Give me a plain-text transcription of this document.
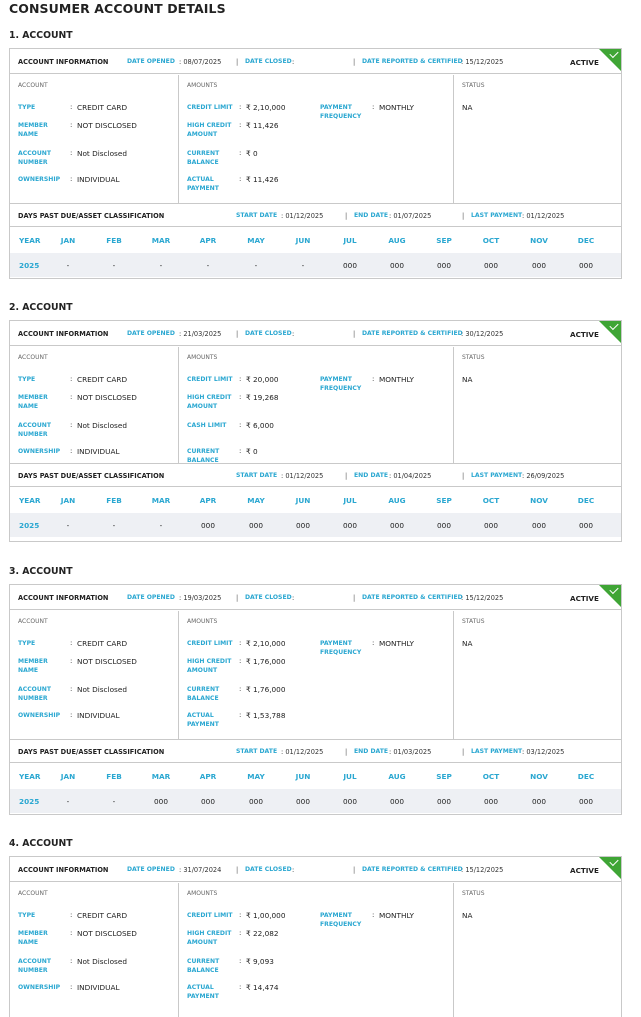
CONSUMER ACCOUNT DETAILS
1. ACCOUNT
ACCOUNT INFORMATION	DATE OPENED : 08/07/2025 | DATE CLOSED :	| DATE REPORTED & CERTIFIED
: 15/12/2025	ACTIVE
ACCOUNT	AMOUNTS	STATUS
TYPE	: CREDIT CARD
MEMBER NAME
: NOT DISCLOSED
ACCOUNT NUMBER
: Not Disclosed
OWNERSHIP	: INDIVIDUAL
CREDIT LIMIT : ₹ 2,10,000
HIGH CREDIT AMOUNT
: ₹ 11,426
CURRENT BALANCE
: ₹ 0
ACTUAL PAYMENT
: ₹ 11,426
PAYMENT FREQUENCY
: MONTHLY	NA
DAYS PAST DUE/ASSET CLASSIFICATION	START DATE : 01/12/2025	| END DATE : 01/07/2025	| LAST PAYMENT : 01/12/2025
YEAR	JAN	FEB	MAR	APR	MAY	JUN	JUL	AUG	SEP	OCT	NOV	DEC
2025	-	-	-	-	-	-	000	000	000	000	000	000
2. ACCOUNT
ACCOUNT INFORMATION	DATE OPENED : 21/03/2025 | DATE CLOSED :	| DATE REPORTED & CERTIFIED
: 30/12/2025	ACTIVE
ACCOUNT	AMOUNTS	STATUS
TYPE	: CREDIT CARD
MEMBER NAME
: NOT DISCLOSED
ACCOUNT NUMBER
: Not Disclosed
OWNERSHIP	: INDIVIDUAL
CREDIT LIMIT : ₹ 20,000
HIGH CREDIT AMOUNT
: ₹ 19,268
CASH LIMIT	: ₹ 6,000
CURRENT BALANCE
: ₹ 0
PAYMENT FREQUENCY
: MONTHLY	NA
DAYS PAST DUE/ASSET CLASSIFICATION	START DATE : 01/12/2025	| END DATE : 01/04/2025	| LAST PAYMENT : 26/09/2025
YEAR	JAN	FEB	MAR	APR	MAY	JUN	JUL	AUG	SEP	OCT	NOV	DEC
2025	-	-	-	000	000	000	000	000	000	000	000	000
3. ACCOUNT
ACCOUNT INFORMATION	DATE OPENED : 19/03/2025 | DATE CLOSED :	| DATE REPORTED & CERTIFIED
: 15/12/2025	ACTIVE
ACCOUNT	AMOUNTS	STATUS
TYPE	: CREDIT CARD
MEMBER NAME
: NOT DISCLOSED
ACCOUNT NUMBER
: Not Disclosed
OWNERSHIP	: INDIVIDUAL
CREDIT LIMIT : ₹ 2,10,000
HIGH CREDIT AMOUNT
: ₹ 1,76,000
CURRENT BALANCE
: ₹ 1,76,000
ACTUAL PAYMENT
: ₹ 1,53,788
PAYMENT FREQUENCY
: MONTHLY	NA
DAYS PAST DUE/ASSET CLASSIFICATION	START DATE : 01/12/2025	| END DATE : 01/03/2025	| LAST PAYMENT : 03/12/2025
YEAR	JAN	FEB	MAR	APR	MAY	JUN	JUL	AUG	SEP	OCT	NOV	DEC
2025	-	-	000	000	000	000	000	000	000	000	000	000
4. ACCOUNT
ACCOUNT INFORMATION	DATE OPENED : 31/07/2024 | DATE CLOSED :	| DATE REPORTED & CERTIFIED
: 15/12/2025	ACTIVE
ACCOUNT	AMOUNTS	STATUS
TYPE	: CREDIT CARD
MEMBER NAME
: NOT DISCLOSED
ACCOUNT NUMBER
: Not Disclosed
OWNERSHIP	: INDIVIDUAL
CREDIT LIMIT : ₹ 1,00,000
HIGH CREDIT AMOUNT
: ₹ 22,082
CURRENT BALANCE
: ₹ 9,093
ACTUAL PAYMENT
: ₹ 14,474
PAYMENT FREQUENCY
: MONTHLY	NA
